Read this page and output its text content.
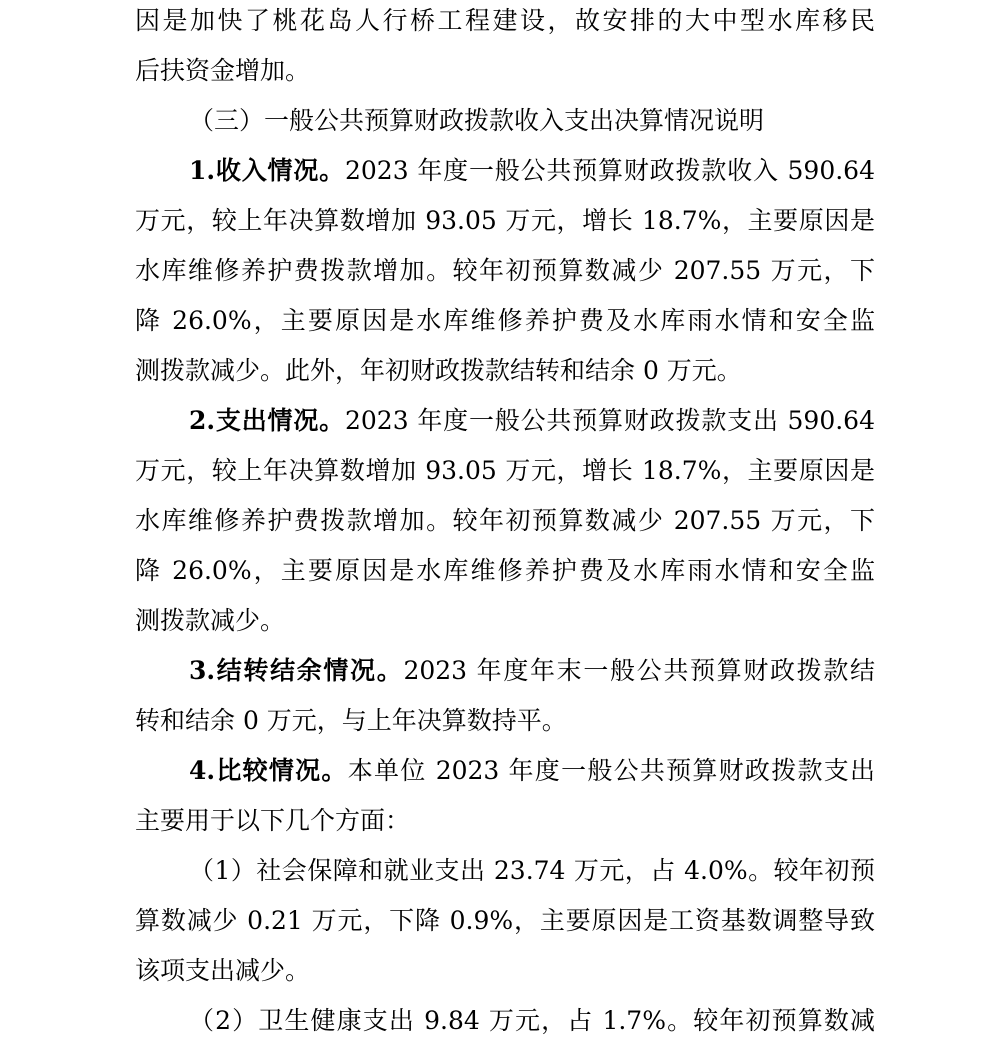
因是加快了桃花岛人行桥工程建设，故安排的大中型水库移民
后扶资金增加。
（三）一般公共预算财政拨款收入支出决算情况说明
1.收入情况。2023 年度一般公共预算财政拨款收入 590.64
万元，较上年决算数增加 93.05 万元，增长 18.7%，主要原因是
水库维修养护费拨款增加。较年初预算数减少 207.55 万元，下
降 26.0%，主要原因是水库维修养护费及水库雨水情和安全监
测拨款减少。此外，年初财政拨款结转和结余 0 万元。
2.支出情况。2023 年度一般公共预算财政拨款支出 590.64
万元，较上年决算数增加 93.05 万元，增长 18.7%，主要原因是
水库维修养护费拨款增加。较年初预算数减少 207.55 万元，下
降 26.0%，主要原因是水库维修养护费及水库雨水情和安全监
测拨款减少。
3.结转结余情况。2023 年度年末一般公共预算财政拨款结
转和结余 0 万元，与上年决算数持平。
4.比较情况。本单位 2023 年度一般公共预算财政拨款支出
主要用于以下几个方面：
（1）社会保障和就业支出 23.74 万元，占 4.0%。较年初预
算数减少 0.21 万元，下降 0.9%，主要原因是工资基数调整导致
该项支出减少。
（2）卫生健康支出 9.84 万元，占 1.7%。较年初预算数减
